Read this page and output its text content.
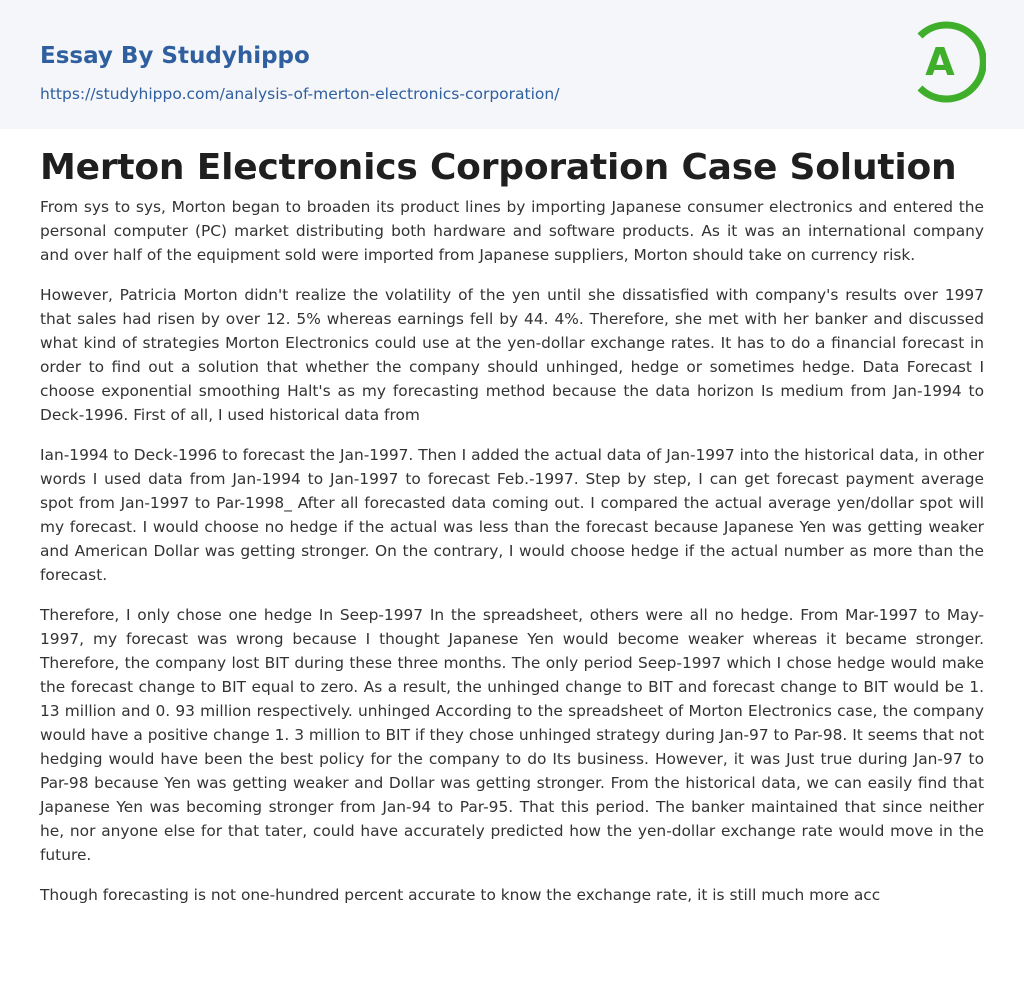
Essay By Studyhippo
https://studyhippo.com/analysis-of-merton-electronics-corporation/
A
Merton Electronics Corporation Case Solution

From sys to sys, Morton began to broaden its product lines by importing Japanese consumer electronics and entered the personal computer (PC) market distributing both hardware and software products. As it was an international company and over half of the equipment sold were imported from Japanese suppliers, Morton should take on currency risk.

However, Patricia Morton didn't realize the volatility of the yen until she dissatisfied with company's results over 1997 that sales had risen by over 12. 5% whereas earnings fell by 44. 4%. Therefore, she met with her banker and discussed what kind of strategies Morton Electronics could use at the yen-dollar exchange rates. It has to do a financial forecast in order to find out a solution that whether the company should unhinged, hedge or sometimes hedge. Data Forecast I choose exponential smoothing Halt's as my forecasting method because the data horizon Is medium from Jan-1994 to Deck-1996. First of all, I used historical data from

Ian-1994 to Deck-1996 to forecast the Jan-1997. Then I added the actual data of Jan-1997 into the historical data, in other words I used data from Jan-1994 to Jan-1997 to forecast Feb.-1997. Step by step, I can get forecast payment average spot from Jan-1997 to Par-1998_ After all forecasted data coming out. I compared the actual average yen/dollar spot will my forecast. I would choose no hedge if the actual was less than the forecast because Japanese Yen was getting weaker and American Dollar was getting stronger. On the contrary, I would choose hedge if the actual number as more than the forecast.

Therefore, I only chose one hedge In Seep-1997 In the spreadsheet, others were all no hedge. From Mar-1997 to May-1997, my forecast was wrong because I thought Japanese Yen would become weaker whereas it became stronger. Therefore, the company lost BIT during these three months. The only period Seep-1997 which I chose hedge would make the forecast change to BIT equal to zero. As a result, the unhinged change to BIT and forecast change to BIT would be 1. 13 million and 0. 93 million respectively. unhinged According to the spreadsheet of Morton Electronics case, the company would have a positive change 1. 3 million to BIT if they chose unhinged strategy during Jan-97 to Par-98. It seems that not hedging would have been the best policy for the company to do Its business. However, it was Just true during Jan-97 to Par-98 because Yen was getting weaker and Dollar was getting stronger. From the historical data, we can easily find that Japanese Yen was becoming stronger from Jan-94 to Par-95. That this period. The banker maintained that since neither he, nor anyone else for that tater, could have accurately predicted how the yen-dollar exchange rate would move in the future.

Though forecasting is not one-hundred percent accurate to know the exchange rate, it is still much more acc
